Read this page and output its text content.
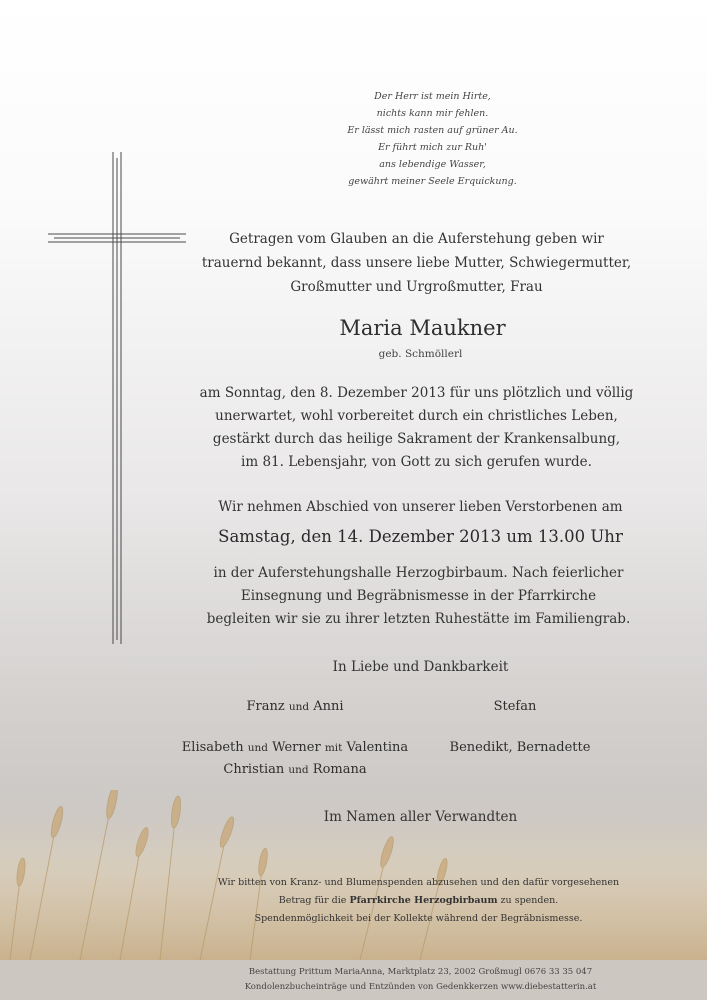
Der Herr ist mein Hirte,
nichts kann mir fehlen.
Er lässt mich rasten auf grüner Au.
Er führt mich zur Ruh'
ans lebendige Wasser,
gewährt meiner Seele Erquickung.
Getragen vom Glauben an die Auferstehung geben wir
trauernd bekannt, dass unsere liebe Mutter, Schwiegermutter,
Großmutter und Urgroßmutter, Frau
Maria Maukner
geb. Schmöllerl
am Sonntag, den 8. Dezember 2013 für uns plötzlich und völlig
unerwartet, wohl vorbereitet durch ein christliches Leben,
gestärkt durch das heilige Sakrament der Krankensalbung,
im 81. Lebensjahr, von Gott zu sich gerufen wurde.
Wir nehmen Abschied von unserer lieben Verstorbenen am
Samstag, den 14. Dezember 2013 um 13.00 Uhr
in der Auferstehungshalle Herzogbirbaum. Nach feierlicher
Einsegnung und Begräbnismesse in der Pfarrkirche
begleiten wir sie zu ihrer letzten Ruhestätte im Familiengrab.
In Liebe und Dankbarkeit
Franz und Anni	Stefan
Elisabeth und Werner mit Valentina	Benedikt, Bernadette
Christian und Romana
Im Namen aller Verwandten
Wir bitten von Kranz- und Blumenspenden abzusehen und den dafür vorgesehenen
Betrag für die Pfarrkirche Herzogbirbaum zu spenden.
Spendenmöglichkeit bei der Kollekte während der Begräbnismesse.
Bestattung Prittum MariaAnna, Marktplatz 23, 2002 Großmugl 0676 33 35 047
Kondolenzbucheinträge und Entzünden von Gedenkkerzen www.diebestatterin.at
